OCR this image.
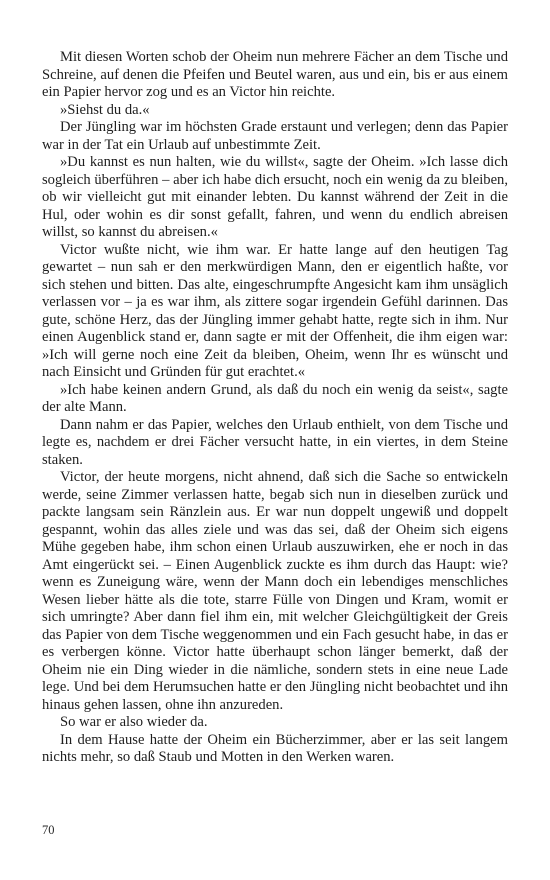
Mit diesen Worten schob der Oheim nun mehrere Fächer an dem Tische und Schreine, auf denen die Pfeifen und Beutel waren, aus und ein, bis er aus einem ein Papier hervor zog und es an Victor hin reichte.

»Siehst du da.«

Der Jüngling war im höchsten Grade erstaunt und verlegen; denn das Papier war in der Tat ein Urlaub auf unbestimmte Zeit.

»Du kannst es nun halten, wie du willst«, sagte der Oheim. »Ich lasse dich sogleich überführen – aber ich habe dich ersucht, noch ein wenig da zu bleiben, ob wir vielleicht gut mit einander lebten. Du kannst während der Zeit in die Hul, oder wohin es dir sonst gefallt, fahren, und wenn du endlich abreisen willst, so kannst du abreisen.«

Victor wußte nicht, wie ihm war. Er hatte lange auf den heutigen Tag gewartet – nun sah er den merkwürdigen Mann, den er eigentlich haßte, vor sich stehen und bitten. Das alte, eingeschrumpfte Angesicht kam ihm unsäglich verlassen vor – ja es war ihm, als zittere sogar irgendein Gefühl darinnen. Das gute, schöne Herz, das der Jüngling immer gehabt hatte, regte sich in ihm. Nur einen Augenblick stand er, dann sagte er mit der Offenheit, die ihm eigen war: »Ich will gerne noch eine Zeit da bleiben, Oheim, wenn Ihr es wünscht und nach Einsicht und Gründen für gut erachtet.«

»Ich habe keinen andern Grund, als daß du noch ein wenig da seist«, sagte der alte Mann.

Dann nahm er das Papier, welches den Urlaub enthielt, von dem Tische und legte es, nachdem er drei Fächer versucht hatte, in ein viertes, in dem Steine staken.

Victor, der heute morgens, nicht ahnend, daß sich die Sache so entwickeln werde, seine Zimmer verlassen hatte, begab sich nun in dieselben zurück und packte langsam sein Ränzlein aus. Er war nun doppelt ungewiß und doppelt gespannt, wohin das alles ziele und was das sei, daß der Oheim sich eigens Mühe gegeben habe, ihm schon einen Urlaub auszuwirken, ehe er noch in das Amt eingerückt sei. – Einen Augenblick zuckte es ihm durch das Haupt: wie? wenn es Zuneigung wäre, wenn der Mann doch ein lebendiges menschliches Wesen lieber hätte als die tote, starre Fülle von Dingen und Kram, womit er sich umringte? Aber dann fiel ihm ein, mit welcher Gleichgültigkeit der Greis das Papier von dem Tische weggenommen und ein Fach gesucht habe, in das er es verbergen könne. Victor hatte überhaupt schon länger bemerkt, daß der Oheim nie ein Ding wieder in die nämliche, sondern stets in eine neue Lade lege. Und bei dem Herumsuchen hatte er den Jüngling nicht beobachtet und ihn hinaus gehen lassen, ohne ihn anzureden.

So war er also wieder da.

In dem Hause hatte der Oheim ein Bücherzimmer, aber er las seit langem nichts mehr, so daß Staub und Motten in den Werken waren.

70
